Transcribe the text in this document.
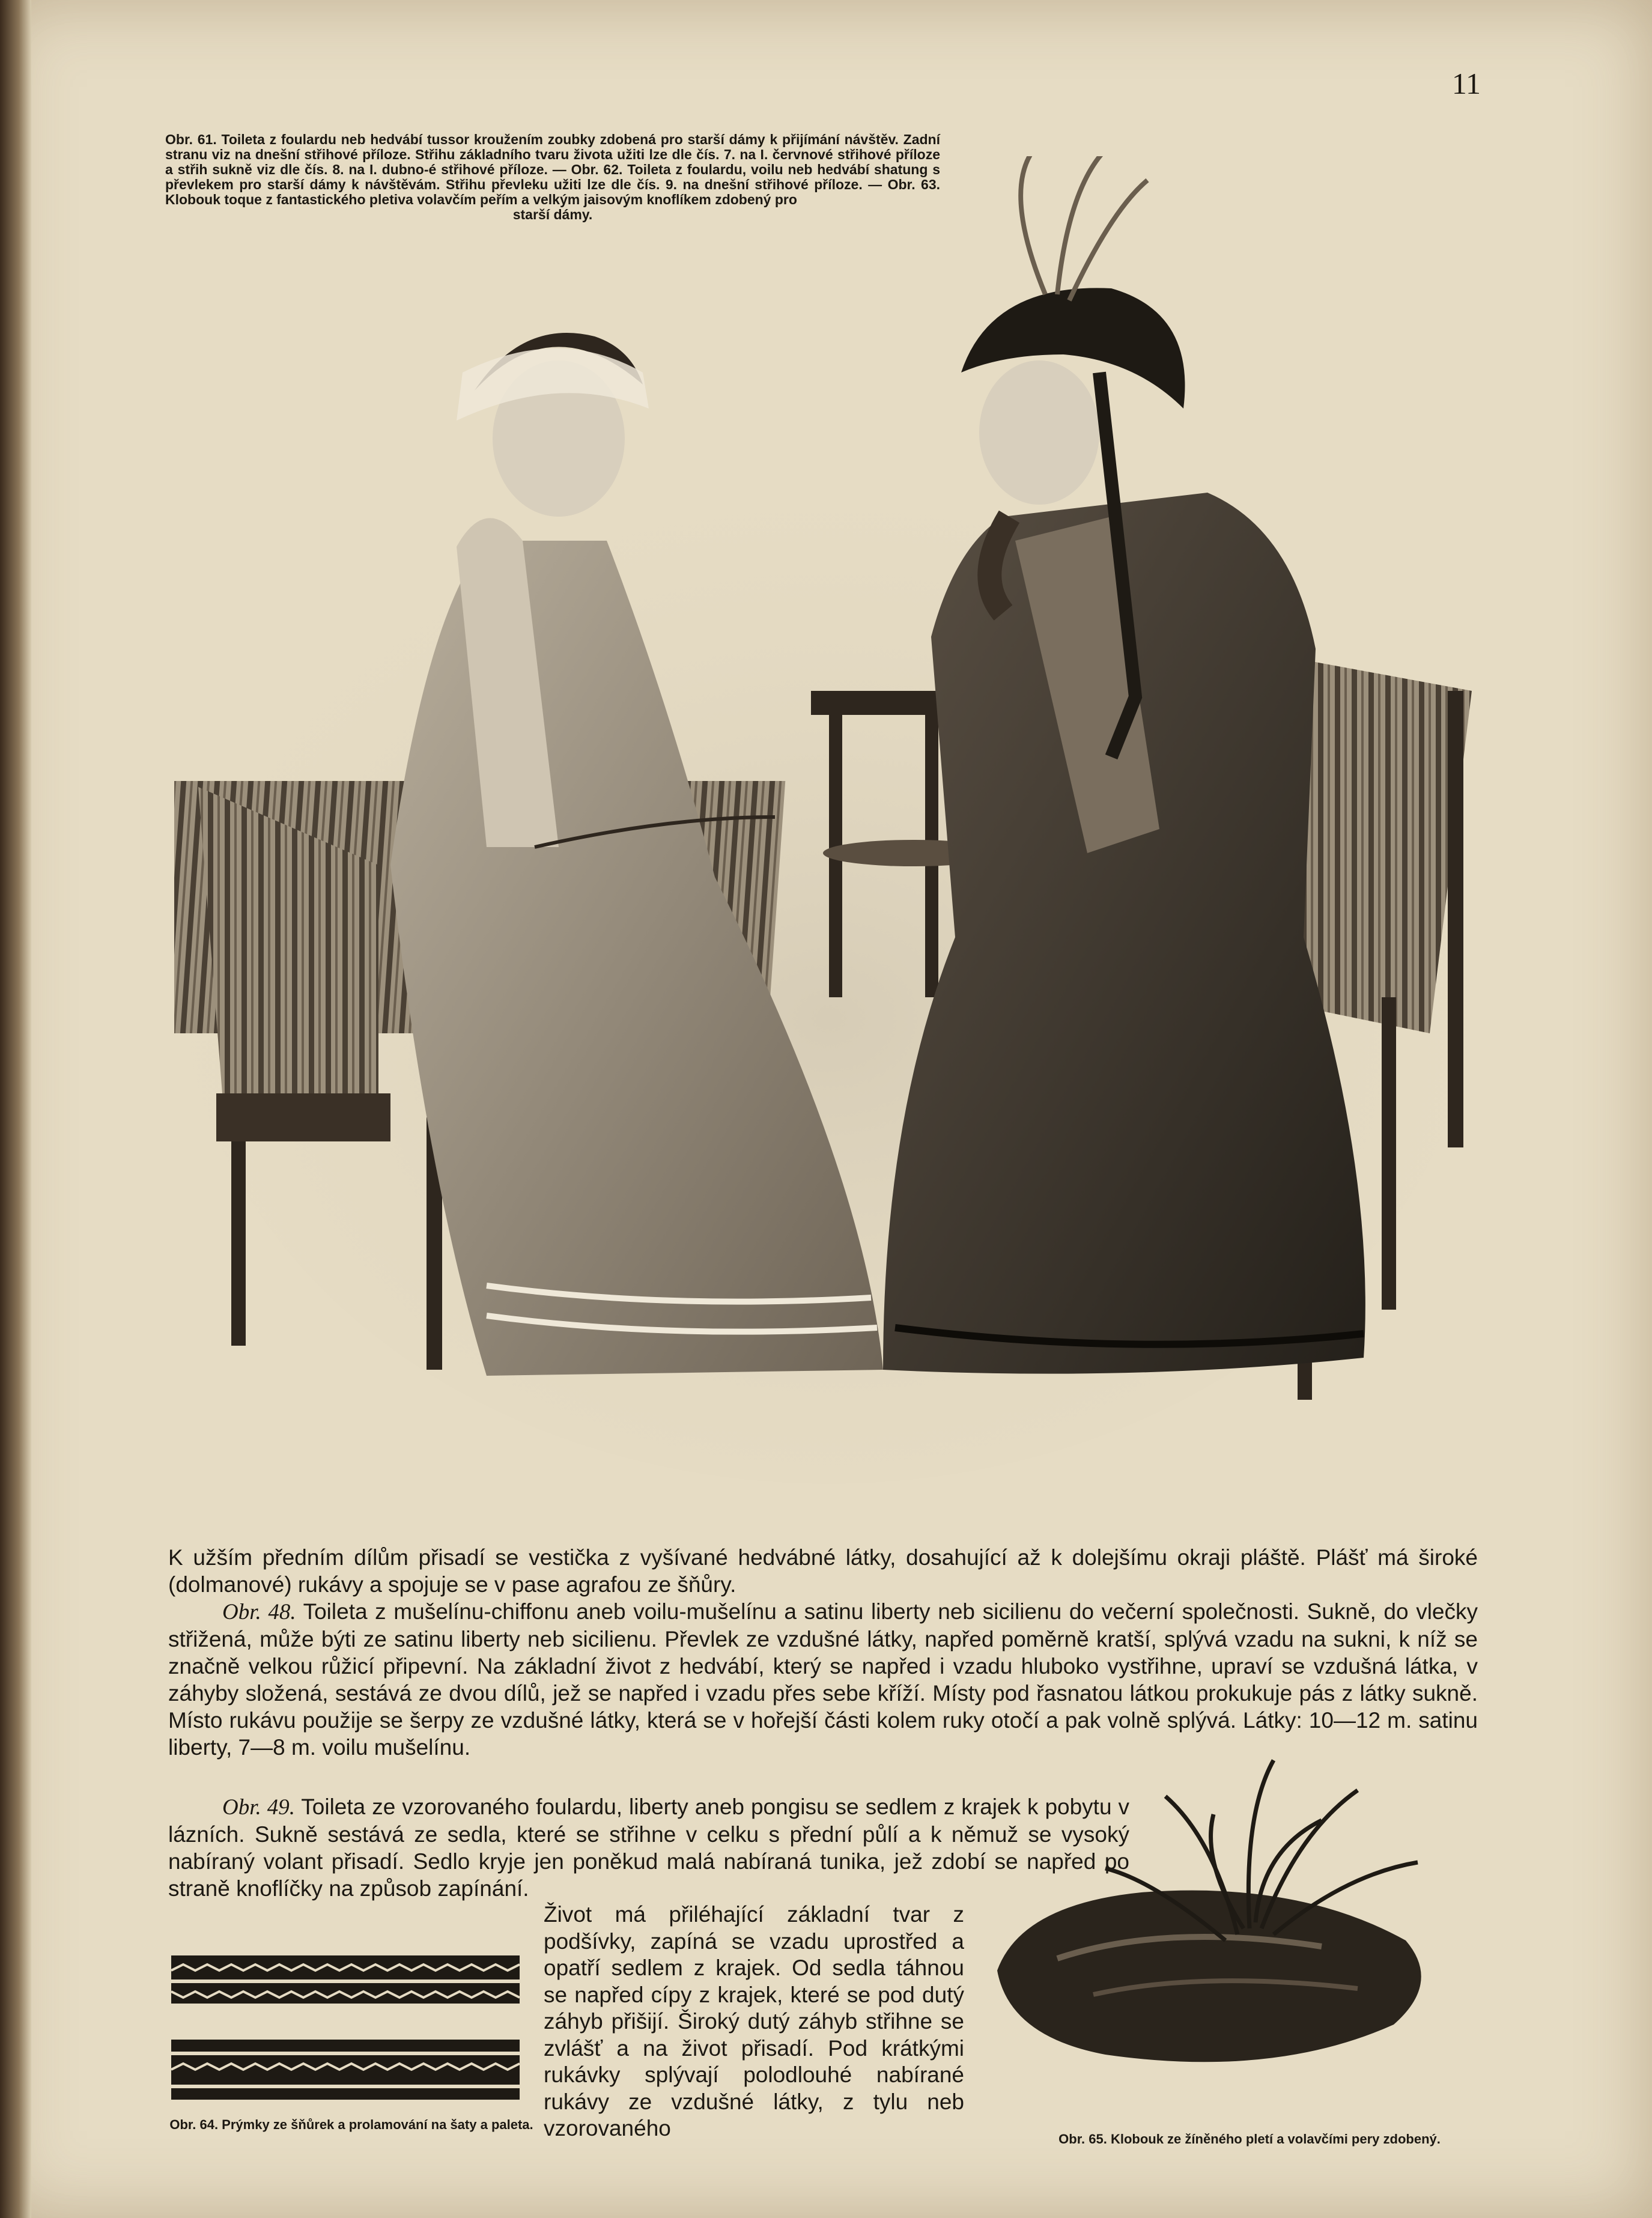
11
Obr. 61. Toileta z foulardu neb hedvábí tussor kroužením zoubky zdobená pro starší dámy k přijímání návštěv. Zadní stranu viz na dnešní střihové příloze. Střihu základního tvaru života užiti lze dle čís. 7. na I. červnové střihové příloze a střih sukně viz dle čís. 8. na I. dubno-é střihové příloze. — Obr. 62. Toileta z foulardu, voilu neb hedvábí shatung s převlekem pro starší dámy k návštěvám. Střihu převleku užiti lze dle čís. 9. na dnešní střihové příloze. — Obr. 63. Klobouk toque z fantastického pletiva volavčím peřím a velkým jaisovým knoflíkem zdobený pro
starší dámy.

K užším předním dílům přisadí se vestička z vyšívané hedvábné látky, dosahující až k dolejšímu okraji pláště. Plášť má široké (dolmanové) rukávy a spojuje se v pase agrafou ze šňůry.

Obr. 48. Toileta z mušelínu-chiffonu aneb voilu-mušelínu a satinu liberty neb sicilienu do večerní společnosti. Sukně, do vlečky střižená, může býti ze satinu liberty neb sicilienu. Převlek ze vzdušné látky, napřed poměrně kratší, splývá vzadu na sukni, k níž se značně velkou růžicí připevní. Na základní život z hedvábí, který se napřed i vzadu hluboko vystřihne, upraví se vzdušná látka, v záhyby složená, sestává ze dvou dílů, jež se napřed i vzadu přes sebe kříží. Místy pod řasnatou látkou prokukuje pás z látky sukně. Místo rukávu použije se šerpy ze vzdušné látky, která se v hořejší části kolem ruky otočí a pak volně splývá. Látky: 10—12 m. satinu liberty, 7—8 m. voilu mušelínu.

Obr. 49. Toileta ze vzorovaného foulardu, liberty aneb pongisu se sedlem z krajek k pobytu v lázních. Sukně sestává ze sedla, které se střihne v celku s přední půlí a k němuž se vysoký nabíraný volant přisadí. Sedlo kryje jen poněkud malá nabíraná tunika, jež zdobí se napřed po straně knoflíčky na způsob zapínání.
Život má přiléhající základní tvar z podšívky, zapíná se vzadu uprostřed a opatří sedlem z krajek. Od sedla táhnou se napřed cípy z krajek, které se pod dutý záhyb přišijí. Široký dutý záhyb střihne se zvlášť a na život přisadí. Pod krátkými rukávky splývají polodlouhé nabírané rukávy ze vzdušné látky, z tylu neb vzorovaného
Obr. 64. Prýmky ze šňůrek a prolamování na šaty a paleta.
Obr. 65. Klobouk ze žíněného pletí a volavčími pery zdobený.
